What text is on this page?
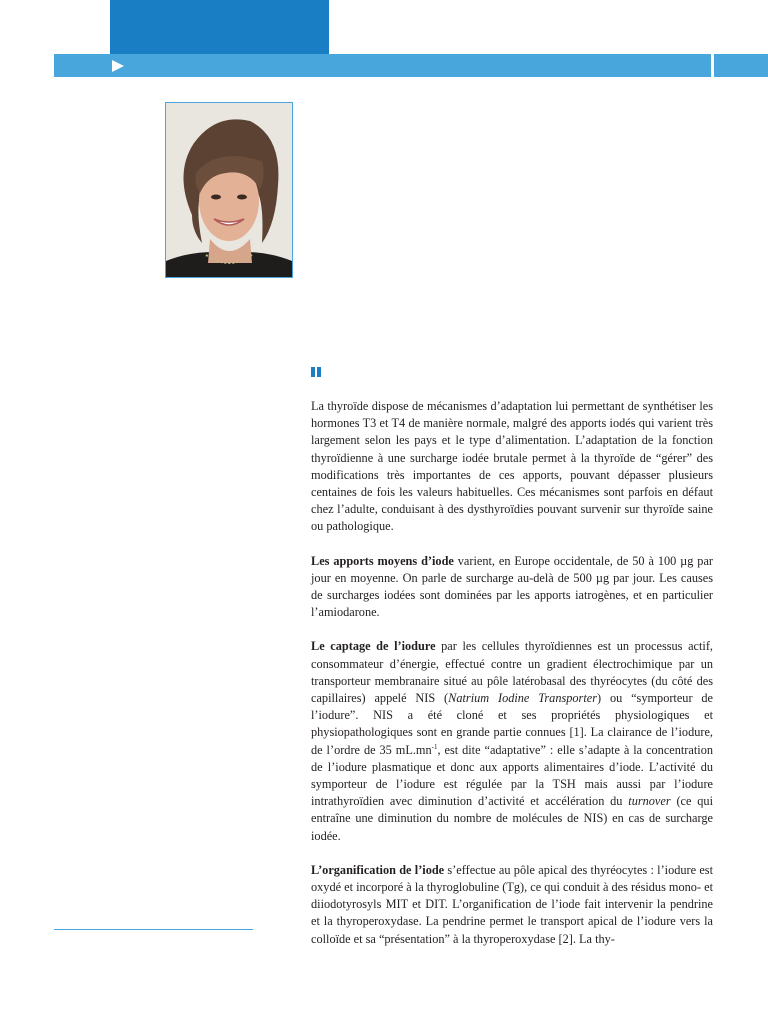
La thyroïde dispose de mécanismes d’adaptation lui permettant de synthétiser les hormones T3 et T4 de manière normale, malgré des apports iodés qui varient très largement selon les pays et le type d’alimentation. L’adaptation de la fonction thyroïdienne à une surcharge iodée brutale permet à la thyroïde de “gérer” des modifications très importantes de ces apports, pouvant dépasser plusieurs centaines de fois les valeurs habituelles. Ces mécanismes sont parfois en défaut chez l’adulte, conduisant à des dysthyroïdies pouvant survenir sur thyroïde saine ou pathologique.

Les apports moyens d’iode varient, en Europe occidentale, de 50 à 100 µg par jour en moyenne. On parle de surcharge au-delà de 500 µg par jour. Les causes de surcharges iodées sont dominées par les apports iatrogènes, et en particulier l’amiodarone.

Le captage de l’iodure par les cellules thyroïdiennes est un processus actif, consommateur d’énergie, effectué contre un gradient électrochimique par un transporteur membranaire situé au pôle latérobasal des thyréocytes (du côté des capillaires) appelé NIS (Natrium Iodine Transporter) ou “symporteur de l’iodure”. NIS a été cloné et ses propriétés physiologiques et physiopathologiques sont en grande partie connues [1]. La clairance de l’iodure, de l’ordre de 35 $mL.mn^{-1}$, est dite “adaptative” : elle s’adapte à la concentration de l’iodure plasmatique et donc aux apports alimentaires d’iode. L’activité du symporteur de l’iodure est régulée par la TSH mais aussi par l’iodure intrathyroïdien avec diminution d’activité et accélération du turnover (ce qui entraîne une diminution du nombre de molécules de NIS) en cas de surcharge iodée.

L’organification de l’iode s’effectue au pôle apical des thyréocytes : l’iodure est oxydé et incorporé à la thyroglobuline (Tg), ce qui conduit à des résidus mono- et diiodotyrosyls MIT et DIT. L’organification de l’iode fait intervenir la pendrine et la thyroperoxydase. La pendrine permet le transport apical de l’iodure vers la colloïde et sa “présentation” à la thyroperoxydase [2]. La thy-
